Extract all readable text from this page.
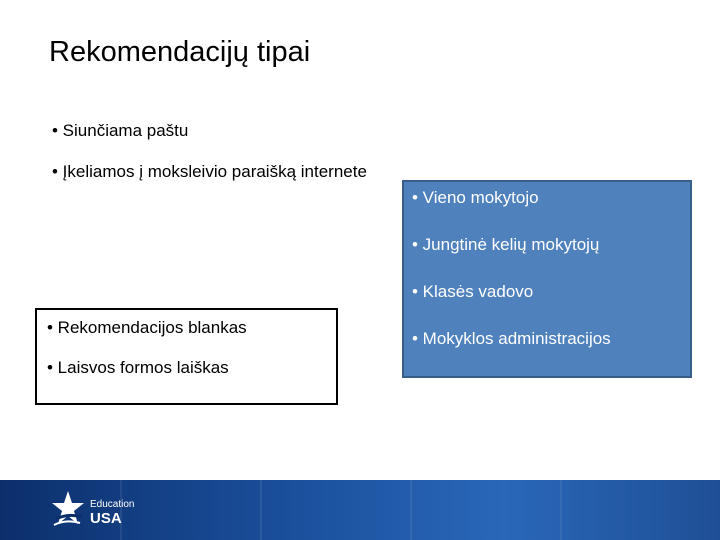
Rekomendacijų tipai
• Siunčiama paštu
• Įkeliamos į moksleivio paraišką internete
• Rekomendacijos blankas
• Laisvos formos laiškas
• Vieno mokytojo
• Jungtinė kelių mokytojų
• Klasės vadovo
• Mokyklos administracijos
Education
USA
